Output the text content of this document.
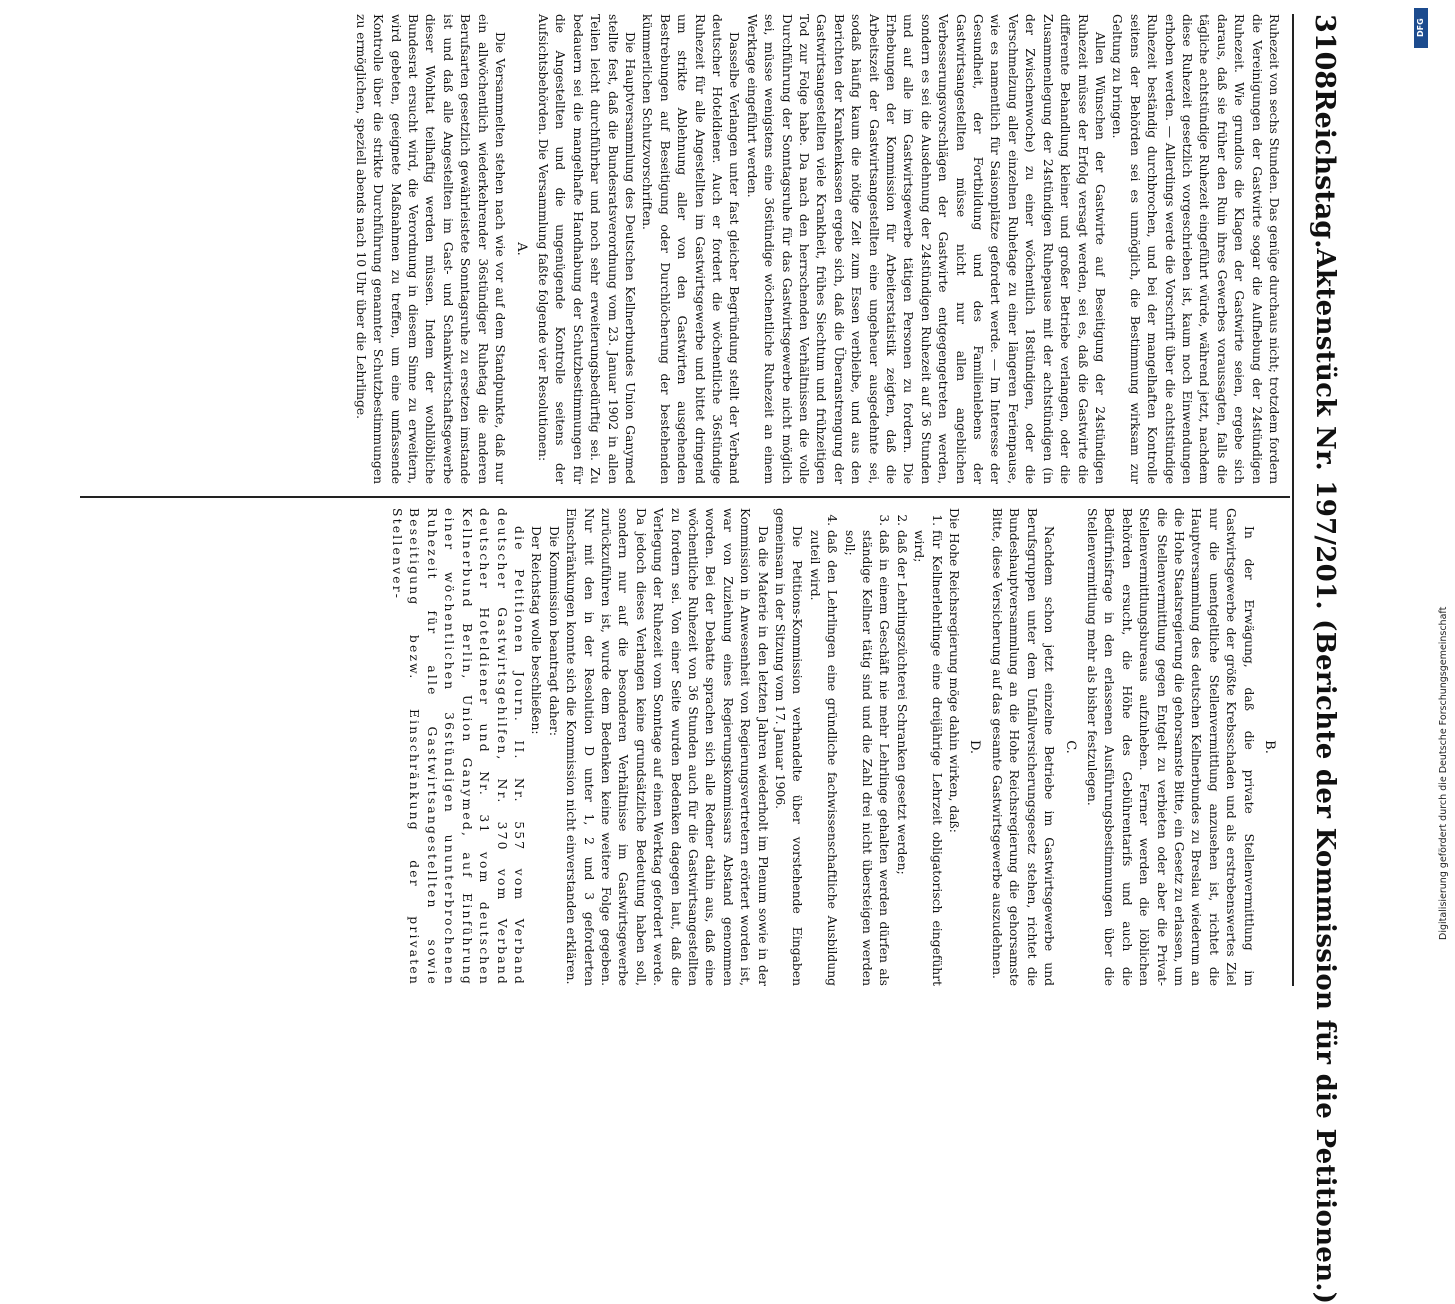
3108
Reichstag.
Aktenstück Nr. 197/201. (Berichte der Kommission für die Petitionen.)

Ruhezeit von sechs Stunden. Das genüge durchaus nicht; trotzdem fordern die Vereinigungen der Gastwirte sogar die Aufhebung der 24stündigen Ruhezeit. Wie grundlos die Klagen der Gastwirte seien, ergebe sich daraus, daß sie früher den Ruin ihres Gewerbes voraussagten, falls die tägliche achtstündige Ruhezeit eingeführt würde, während jetzt, nachdem diese Ruhezeit gesetzlich vorgeschrieben ist, kaum noch Einwendungen erhoben werden. — Allerdings werde die Vorschrift über die achtstündige Ruhezeit beständig durchbrochen, und bei der mangelhaften Kontrolle seitens der Behörden sei es unmöglich, die Bestimmung wirksam zur Geltung zu bringen.

Allen Wünschen der Gastwirte auf Beseitigung der 24stündigen Ruhezeit müsse der Erfolg versagt werden, sei es, daß die Gastwirte die differente Behandlung kleiner und großer Betriebe verlangen, oder die Zusammenlegung der 24stündigen Ruhepause mit der achtstündigen (in der Zwischenwoche) zu einer wöchentlich 18stündigen, oder die Verschmelzung aller einzelnen Ruhetage zu einer längeren Ferienpause, wie es namentlich für Saisonplätze gefordert werde. — Im Interesse der Gesundheit, der Fortbildung und des Familienlebens der Gastwirtsangestellten müsse nicht nur allen angeblichen Verbesserungsvorschlägen der Gastwirte entgegengetreten werden, sondern es sei die Ausdehnung der 24stündigen Ruhezeit auf 36 Stunden und auf alle im Gastwirtsgewerbe tätigen Personen zu fordern. Die Erhebungen der Kommission für Arbeiterstatistik zeigten, daß die Arbeitszeit der Gastwirtsangestellten eine ungeheuer ausgedehnte sei, sodaß häufig kaum die nötige Zeit zum Essen verbleibe, und aus den Berichten der Krankenkassen ergebe sich, daß die Überanstrengung der Gastwirtsangestellten viele Krankheit, frühes Siechtum und frühzeitigen Tod zur Folge habe. Da nach den herrschenden Verhältnissen die volle Durchführung der Sonntagsruhe für das Gastwirtsgewerbe nicht möglich sei, müsse wenigstens eine 36stündige wöchentliche Ruhezeit an einem Werktage eingeführt werden.

Dasselbe Verlangen unter fast gleicher Begründung stellt der Verband deutscher Hoteldiener. Auch er fordert die wöchentliche 36stündige Ruhezeit für alle Angestellten im Gastwirtsgewerbe und bittet dringend um strikte Ablehnung aller von den Gastwirten ausgehenden Bestrebungen auf Beseitigung oder Durchlöcherung der bestehenden kümmerlichen Schutzvorschriften.

Die Hauptversammlung des Deutschen Kellnerbundes Union Ganymed stellte fest, daß die Bundesratsverordnung vom 23. Januar 1902 in allen Teilen leicht durchführbar und noch sehr erweiterungsbedürftig sei. Zu bedauern sei die mangelhafte Handhabung der Schutzbestimmungen für die Angestellten und die ungenügende Kontrolle seitens der Aufsichtsbehörden. Die Versammlung faßte folgende vier Resolutionen:

A.

Die Versammelten stehen nach wie vor auf dem Standpunkte, daß nur ein allwöchentlich wiederkehrender 36stündiger Ruhetag die anderen Berufsarten gesetzlich gewährleistete Sonntagsruhe zu ersetzen imstande ist und daß alle Angestellten im Gast- und Schankwirtschaftsgewerbe dieser Wohltat teilhaftig werden müssen. Indem der wohllöbliche Bundesrat ersucht wird, die Verordnung in diesem Sinne zu erweitern, wird gebeten, geeignete Maßnahmen zu treffen, um eine umfassende Kontrolle über die strikte Durchführung genannter Schutzbestimmungen zu ermöglichen, speziell abends nach 10 Uhr über die Lehrlinge.

B.

In der Erwägung, daß die private Stellenvermittlung im Gastwirtsgewerbe der größte Krebsschaden und als erstrebenswertes Ziel nur die unentgeltliche Stellenvermittlung anzusehen ist, richtet die Hauptversammlung des deutschen Kellnerbundes zu Breslau wiederum an die Hohe Staatsregierung die gehorsamste Bitte, ein Gesetz zu erlassen, um die Stellenvermittlung gegen Entgelt zu verbieten oder aber die Privat-Stellenvermittlungsbureaus aufzuheben. Ferner werden die löblichen Behörden ersucht, die Höhe des Gebührentarifs und auch die Bedürfnisfrage in den erlassenen Ausführungsbestimmungen über die Stellenvermittlung mehr als bisher festzulegen.

C.

Nachdem schon jetzt einzelne Betriebe im Gastwirtsgewerbe und Berufsgruppen unter dem Unfallversicherungsgesetz stehen, richtet die Bundeshauptversammlung an die Hohe Reichsregierung die gehorsamste Bitte, diese Versicherung auf das gesamte Gastwirtsgewerbe auszudehnen.

D.

Die Hohe Reichsregierung möge dahin wirken, daß:

1. für Kellnerlehrlinge eine dreijährige Lehrzeit obligatorisch eingeführt wird;
2. daß der Lehrlingszüchterei Schranken gesetzt werden;
3. daß in einem Geschäft nie mehr Lehrlinge gehalten werden dürfen als ständige Kellner tätig sind und die Zahl drei nicht übersteigen werden soll;
4. daß den Lehrlingen eine gründliche fachwissenschaftliche Ausbildung zuteil wird.

Die Petitions-Kommission verhandelte über vorstehende Eingaben gemeinsam in der Sitzung vom 17. Januar 1906.

Da die Materie in den letzten Jahren wiederholt im Plenum sowie in der Kommission in Anwesenheit von Regierungsvertretern erörtert worden ist, war von Zuziehung eines Regierungskommissars Abstand genommen worden. Bei der Debatte sprachen sich alle Redner dahin aus, daß eine wöchentliche Ruhezeit von 36 Stunden auch für die Gastwirtsangestellten zu fordern sei. Von einer Seite wurden Bedenken dagegen laut, daß die Verlegung der Ruhezeit vom Sonntage auf einen Werktag gefordert werde. Da jedoch dieses Verlangen keine grundsätzliche Bedeutung haben soll, sondern nur auf die besonderen Verhältnisse im Gastwirtsgewerbe zurückzuführen ist, wurde dem Bedenken keine weitere Folge gegeben. Nur mit den in der Resolution D unter 1, 2 und 3 geforderten Einschränkungen konnte sich die Kommission nicht einverstanden erklären.

Die Kommission beantragt daher:

Der Reichstag wolle beschließen:

die Petitionen Journ. II. Nr. 557 vom Verband deutscher Gastwirtsgehilfen, Nr. 370 vom Verband deutscher Hoteldiener und Nr. 31 vom deutschen Kellnerbund Berlin, Union Ganymed, auf Einführung einer wöchentlichen 36stündigen ununterbrochenen Ruhezeit für alle Gastwirtsangestellten sowie Beseitigung bezw. Einschränkung der privaten Stellenver-

DFG
Digitalisierung gefördert durch die Deutsche Forschungsgemeinschaft
